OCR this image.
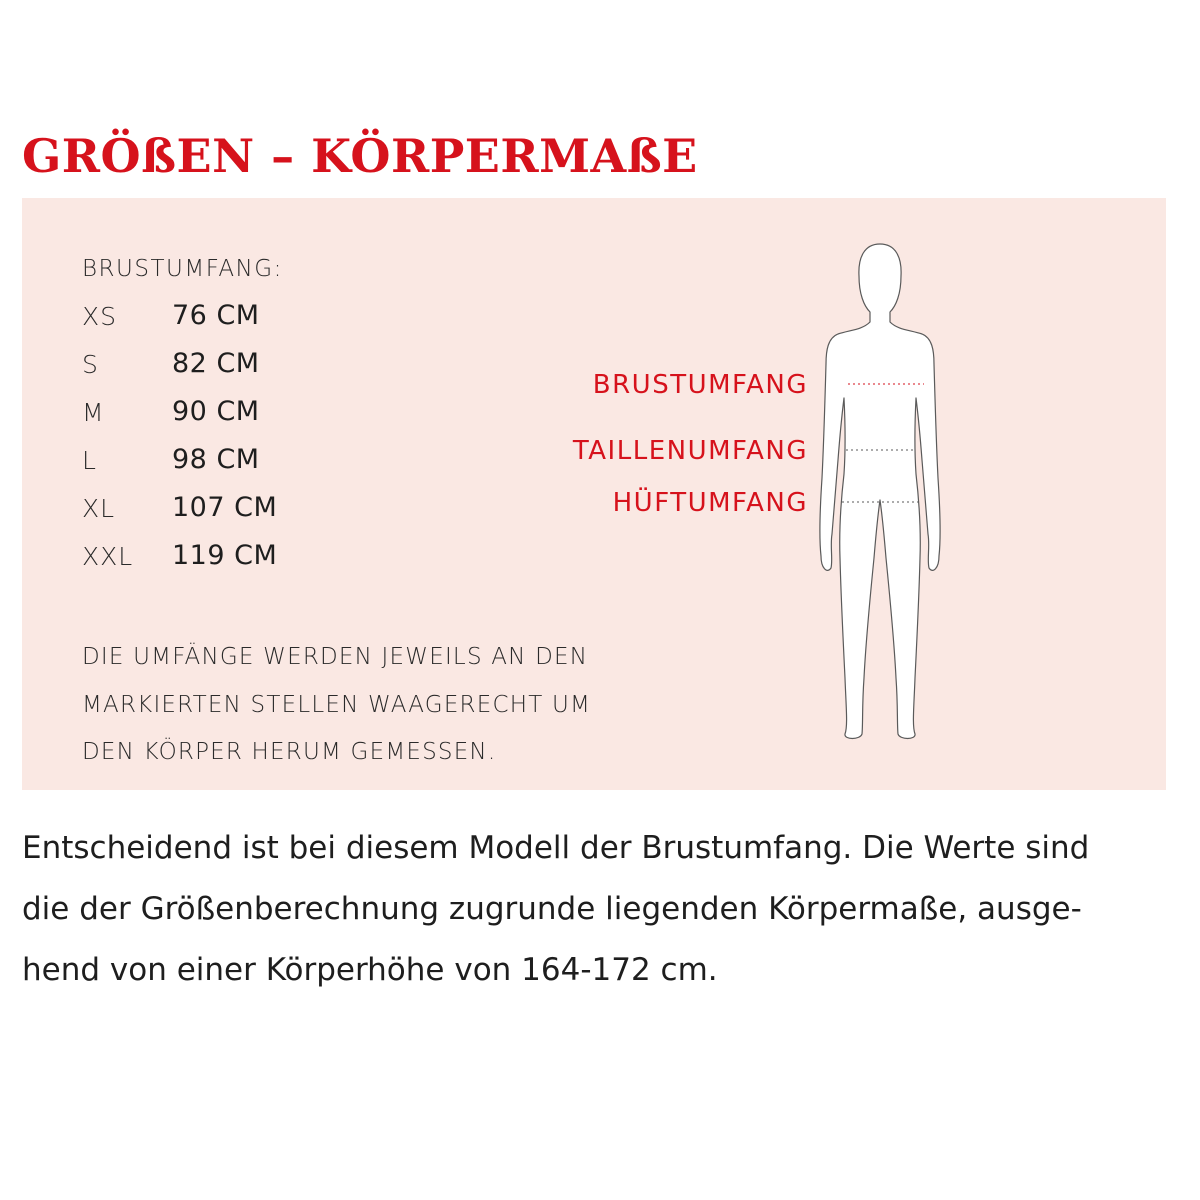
GRÖßEN – KÖRPERMAßE
BRUSTUMFANG:
XS 76 CM
S	82 CM
M 90 CM
L	98 CM
XL 107 CM
XXL 119 CM
DIE UMFÄNGE WERDEN JEWEILS AN DEN
MARKIERTEN STELLEN WAAGERECHT UM
DEN KÖRPER HERUM GEMESSEN.
BRUSTUMFANG
TAILLENUMFANG
HÜFTUMFANG
Entscheidend ist bei diesem Modell der Brustumfang. Die Werte sind
die der Größenberechnung zugrunde liegenden Körpermaße, ausge-
hend von einer Körperhöhe von 164-172 cm.
